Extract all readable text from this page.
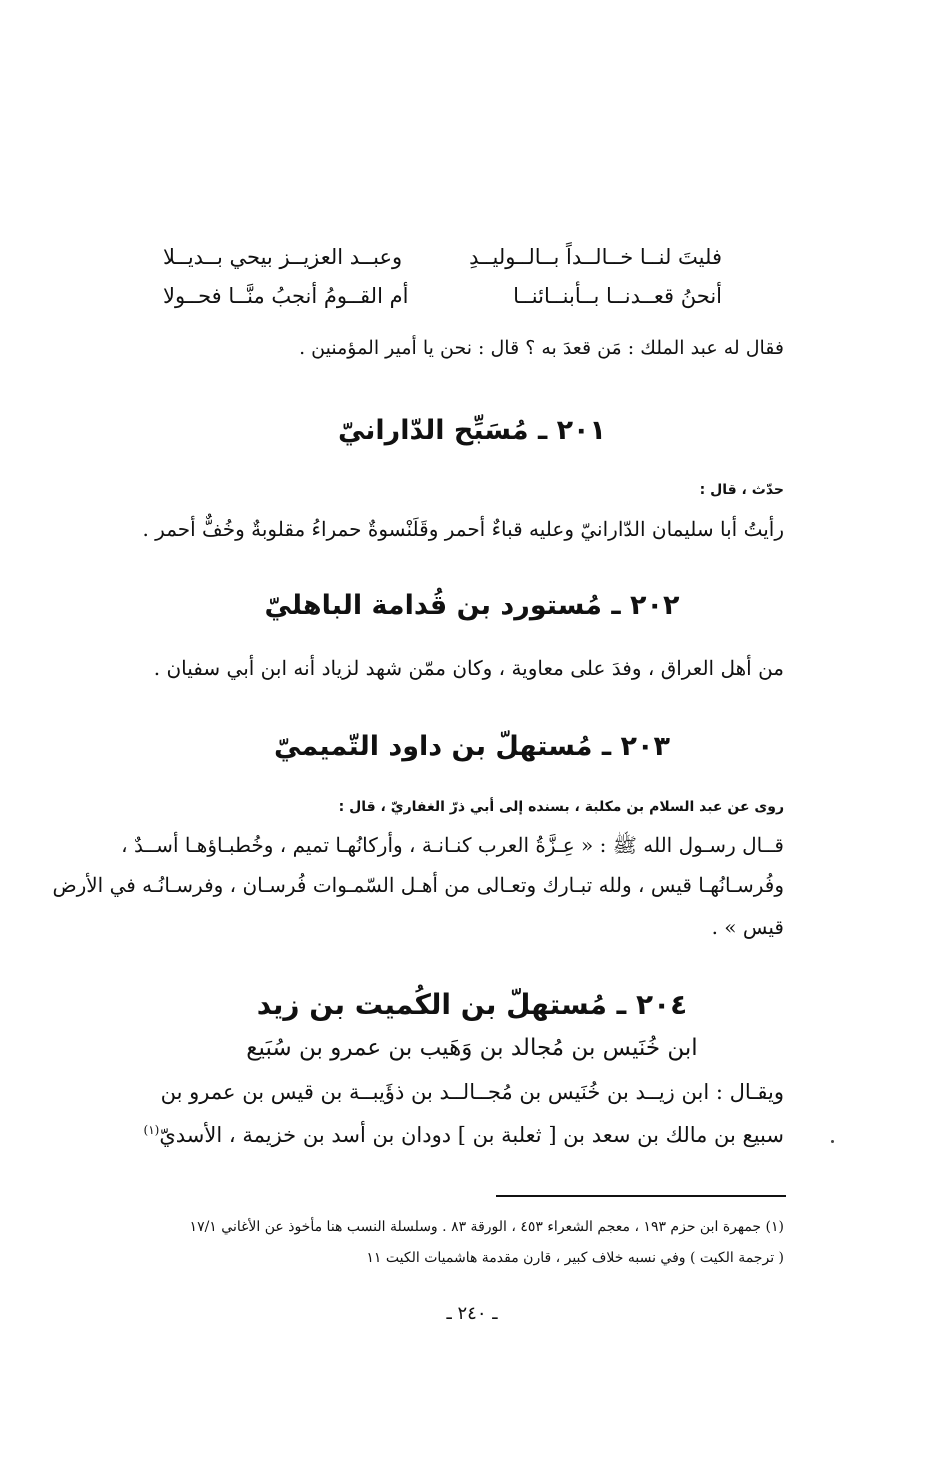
فليتَ لنــا خــالــداً بــالــوليــدِ
وعبــد العزيــز بيحي بــديــلا
أنحنُ قعــدنــا بــأبنــائنــا
أم القــومُ أنجبُ منَّــا فحــولا
فقال له عبد الملك : مَن قعدَ به ؟ قال : نحن يا أمير المؤمنين .
٢٠١ ـ مُسَبِّح الدّارانيّ
حدّث ، قال :
رأيتُ أبا سليمان الدّارانيّ وعليه قباءٌ أحمر وقَلَنْسوةٌ حمراءُ مقلوبةٌ وخُفٌّ أحمر .
٢٠٢ ـ مُستورد بن قُدامة الباهليّ
من أهل العراق ، وفدَ على معاوية ، وكان ممّن شهد لزياد أنه ابن أبي سفيان .
٢٠٣ ـ مُستهلّ بن داود التّميميّ
روى عن عبد السلام بن مكلبة ، بسنده إلى أبي ذرّ الغفاريّ ، قال :
قــال رسـول الله ﷺ : « عِـزَّةُ العرب كنـانـة ، وأركانُهـا تميم ، وخُطبـاؤهـا أســدٌ ،
وفُرسـانُهـا قيس ، ولله تبـارك وتعـالى من أهـل السّمـوات فُرسـان ، وفرسـانُـه في الأرض
قيس » .
٢٠٤ ـ مُستهلّ بن الكُميت بن زيد
ابن خُنَيس بن مُجالد بن وَهَيب بن عمرو بن سُبَيع
ويقـال : ابن زيــد بن خُنَيس بن مُجــالــد بن ذؤَيبــة بن قيس بن عمرو بن
سبيع بن مالك بن سعد بن [ ثعلبة بن ] دودان بن أسد بن خزيمة ، الأسديّ$^{(١)}$
(١) جمهرة ابن حزم ١٩٣ ، معجم الشعراء ٤٥٣ ، الورقة ٨٣ . وسلسلة النسب هنا مأخوذ عن الأغاني ١٧/١
( ترجمة الكيت ) وفي نسبه خلاف كبير ، قارن مقدمة هاشميات الكيت ١١
ـ ٢٤٠ ـ
